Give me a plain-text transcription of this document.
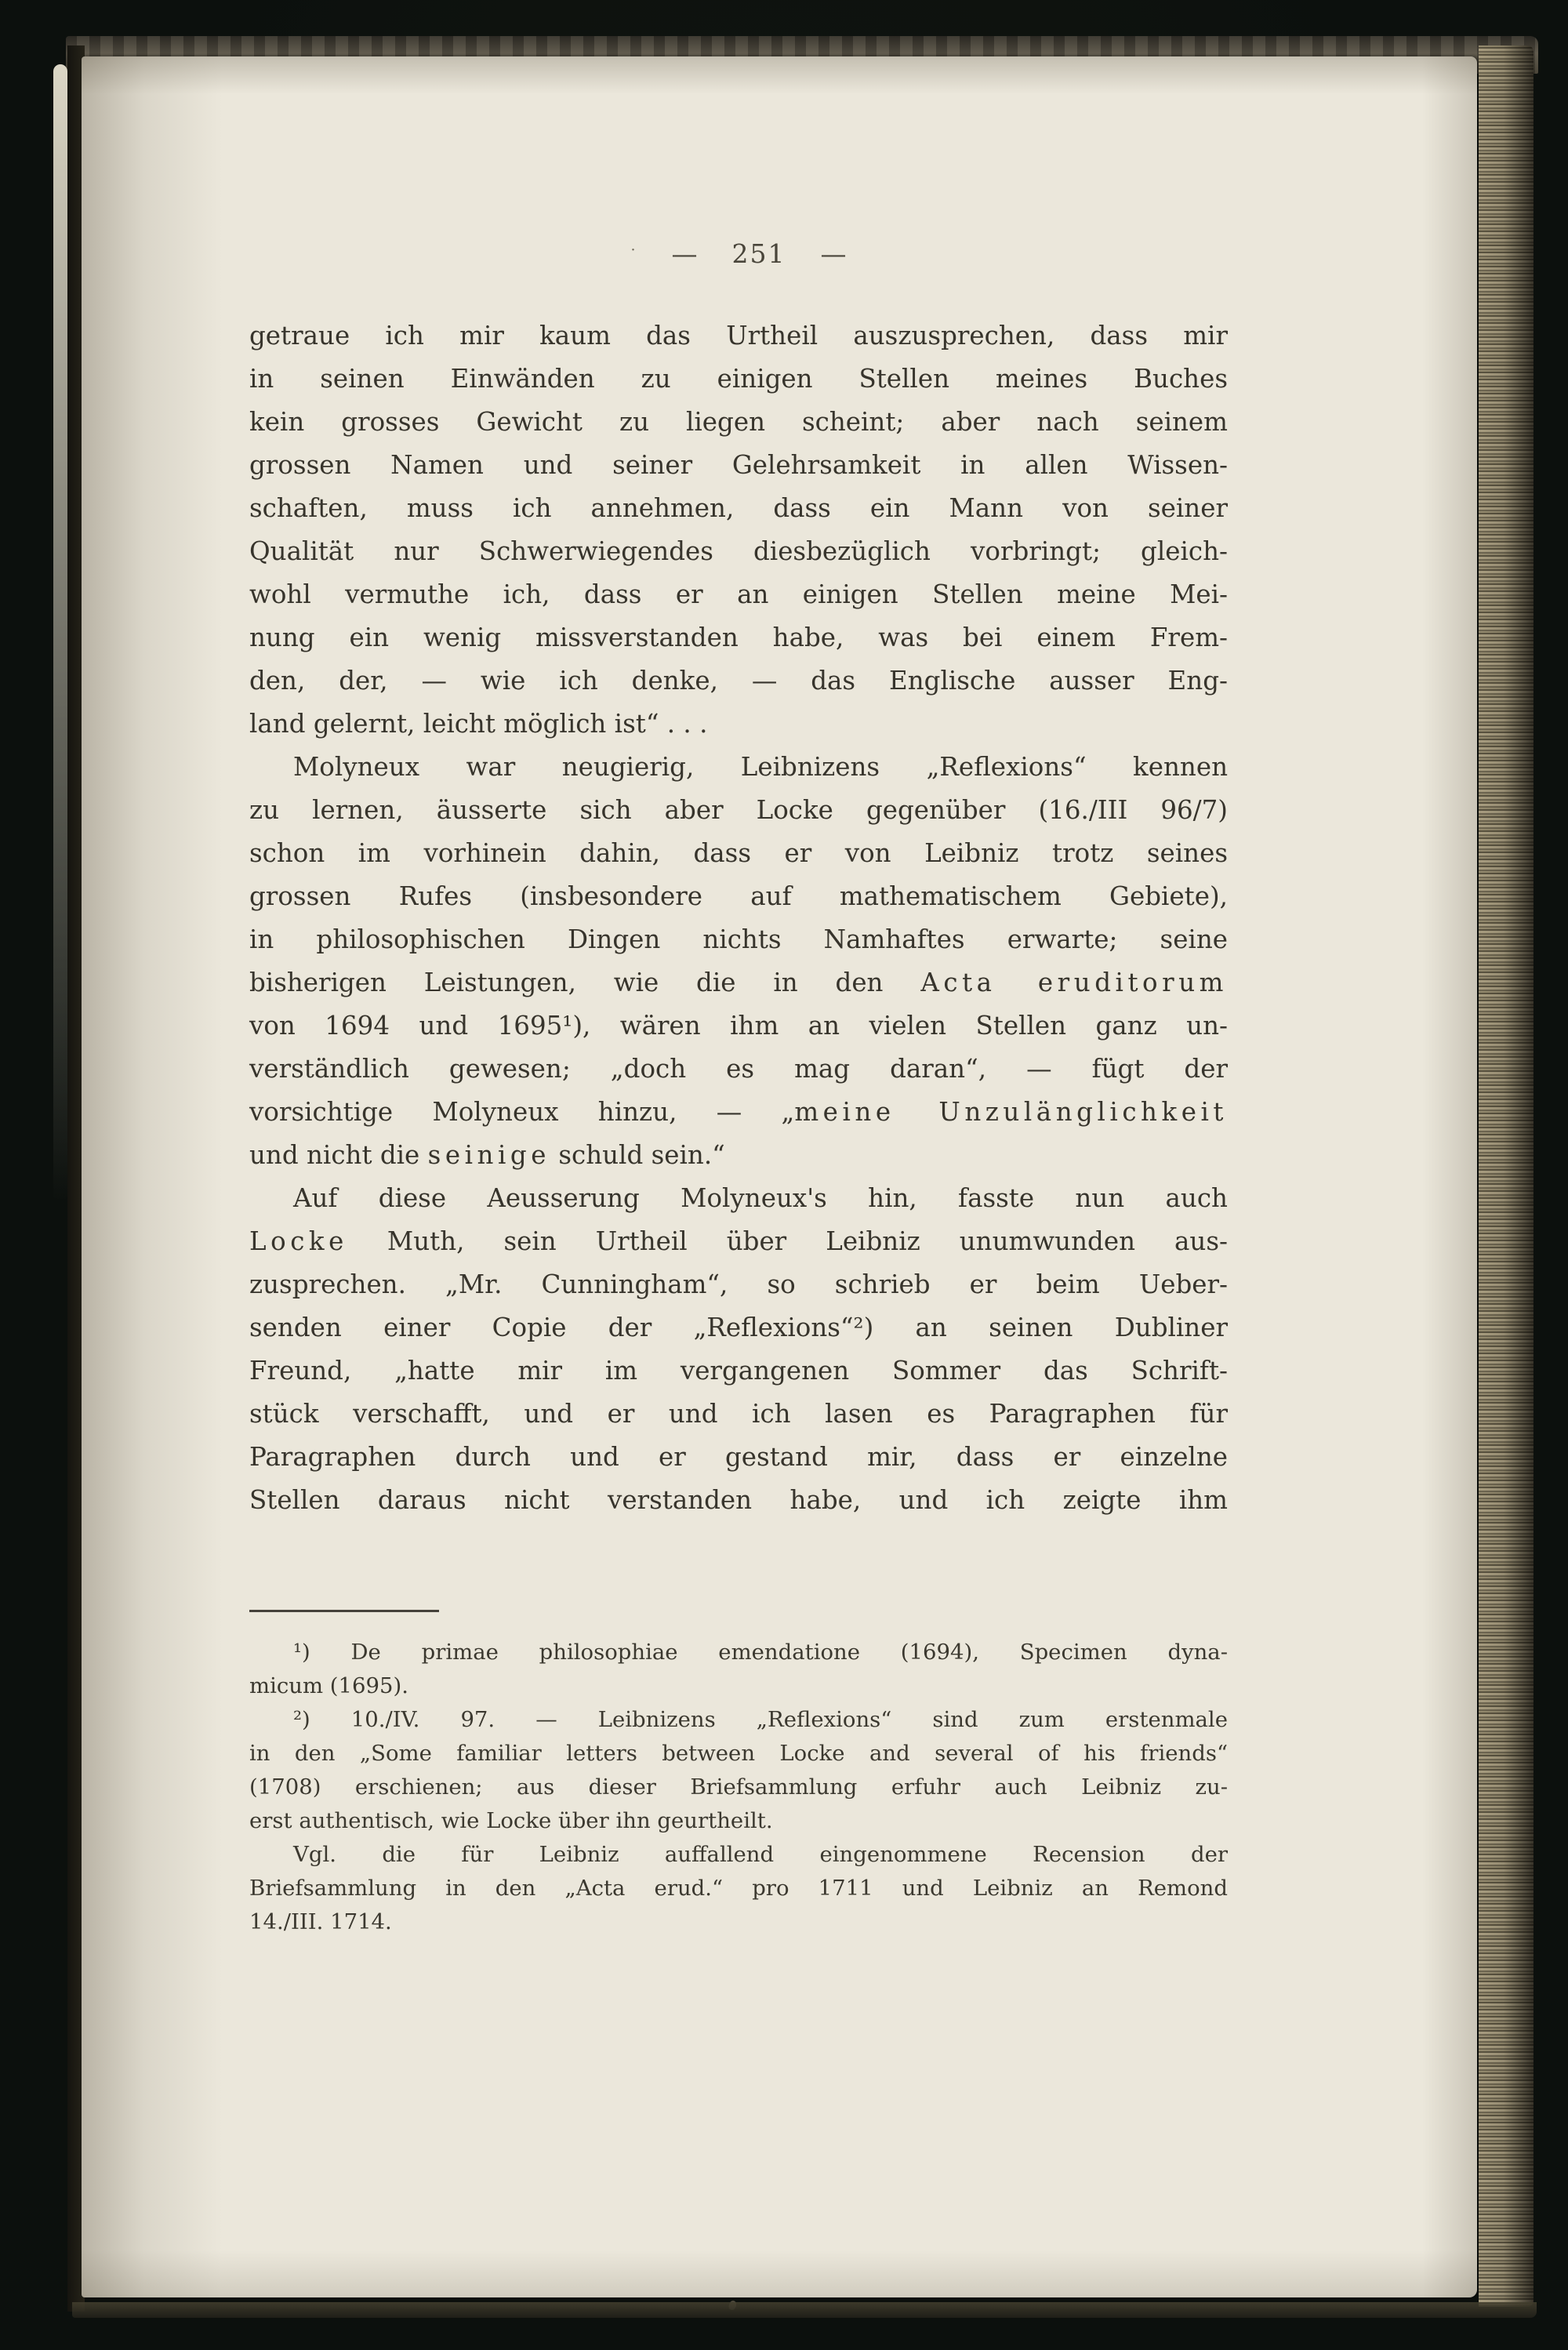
· — 251 —
getraue ich mir kaum das Urtheil auszusprechen, dass mir
in seinen Einwänden zu einigen Stellen meines Buches
kein grosses Gewicht zu liegen scheint; aber nach seinem
grossen Namen und seiner Gelehrsamkeit in allen Wissen-
schaften, muss ich annehmen, dass ein Mann von seiner
Qualität nur Schwerwiegendes diesbezüglich vorbringt; gleich-
wohl vermuthe ich, dass er an einigen Stellen meine Mei-
nung ein wenig missverstanden habe, was bei einem Frem-
den, der, — wie ich denke, — das Englische ausser Eng-
land gelernt, leicht möglich ist“ . . .
Molyneux war neugierig, Leibnizens „Reflexions“ kennen
zu lernen, äusserte sich aber Locke gegenüber (16./III 96/7)
schon im vorhinein dahin, dass er von Leibniz trotz seines
grossen Rufes (insbesondere auf mathematischem Gebiete),
in philosophischen Dingen nichts Namhaftes erwarte; seine
bisherigen Leistungen, wie die in den Acta eruditorum
von 1694 und 1695¹), wären ihm an vielen Stellen ganz un-
verständlich gewesen; „doch es mag daran“, — fügt der
vorsichtige Molyneux hinzu, — „meine Unzulänglichkeit
und nicht die seinige schuld sein.“
Auf diese Aeusserung Molyneux's hin, fasste nun auch
Locke Muth, sein Urtheil über Leibniz unumwunden aus-
zusprechen. „Mr. Cunningham“, so schrieb er beim Ueber-
senden einer Copie der „Reflexions“²) an seinen Dubliner
Freund, „hatte mir im vergangenen Sommer das Schrift-
stück verschafft, und er und ich lasen es Paragraphen für
Paragraphen durch und er gestand mir, dass er einzelne
Stellen daraus nicht verstanden habe, und ich zeigte ihm
¹) De primae philosophiae emendatione (1694), Specimen dyna-
micum (1695).
²) 10./IV. 97. — Leibnizens „Reflexions“ sind zum erstenmale
in den „Some familiar letters between Locke and several of his friends“
(1708) erschienen; aus dieser Briefsammlung erfuhr auch Leibniz zu-
erst authentisch, wie Locke über ihn geurtheilt.
Vgl. die für Leibniz auffallend eingenommene Recension der
Briefsammlung in den „Acta erud.“ pro 1711 und Leibniz an Remond
14./III. 1714.
